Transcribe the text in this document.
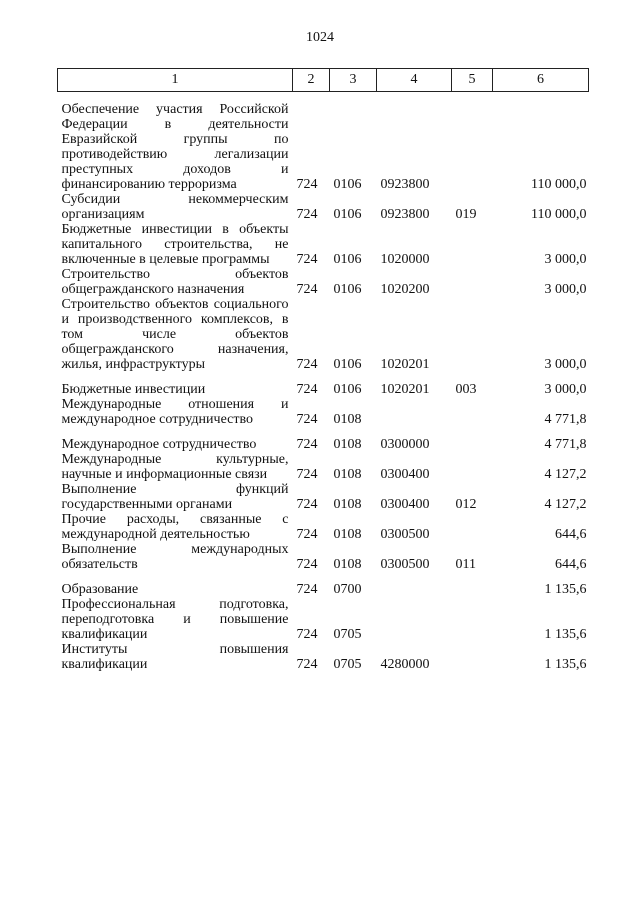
1024
1	2	3	4	5	6
Обеспечение участия Российской Федерации в деятельности Евразийской группы по противодействию легализации преступных доходов и финансированию терроризма	724	0106	0923800		110 000,0
Субсидии некоммерческим организациям	724	0106	0923800	019	110 000,0
Бюджетные инвестиции в объекты капитального строительства, не включенные в целевые программы	724	0106	1020000		3 000,0
Строительство объектов общегражданского назначения	724	0106	1020200		3 000,0
Строительство объектов социального и производственного комплексов, в том числе объектов общегражданского назначения, жилья, инфраструктуры	724	0106	1020201		3 000,0
Бюджетные инвестиции	724	0106	1020201	003	3 000,0
Международные отношения и международное сотрудничество	724	0108			4 771,8
Международное сотрудничество	724	0108	0300000		4 771,8
Международные культурные, научные и информационные связи	724	0108	0300400		4 127,2
Выполнение функций государственными органами	724	0108	0300400	012	4 127,2
Прочие расходы, связанные с международной деятельностью	724	0108	0300500		644,6
Выполнение международных обязательств	724	0108	0300500	011	644,6
Образование	724	0700			1 135,6
Профессиональная подготовка, переподготовка и повышение квалификации	724	0705			1 135,6
Институты повышения квалификации	724	0705	4280000		1 135,6
